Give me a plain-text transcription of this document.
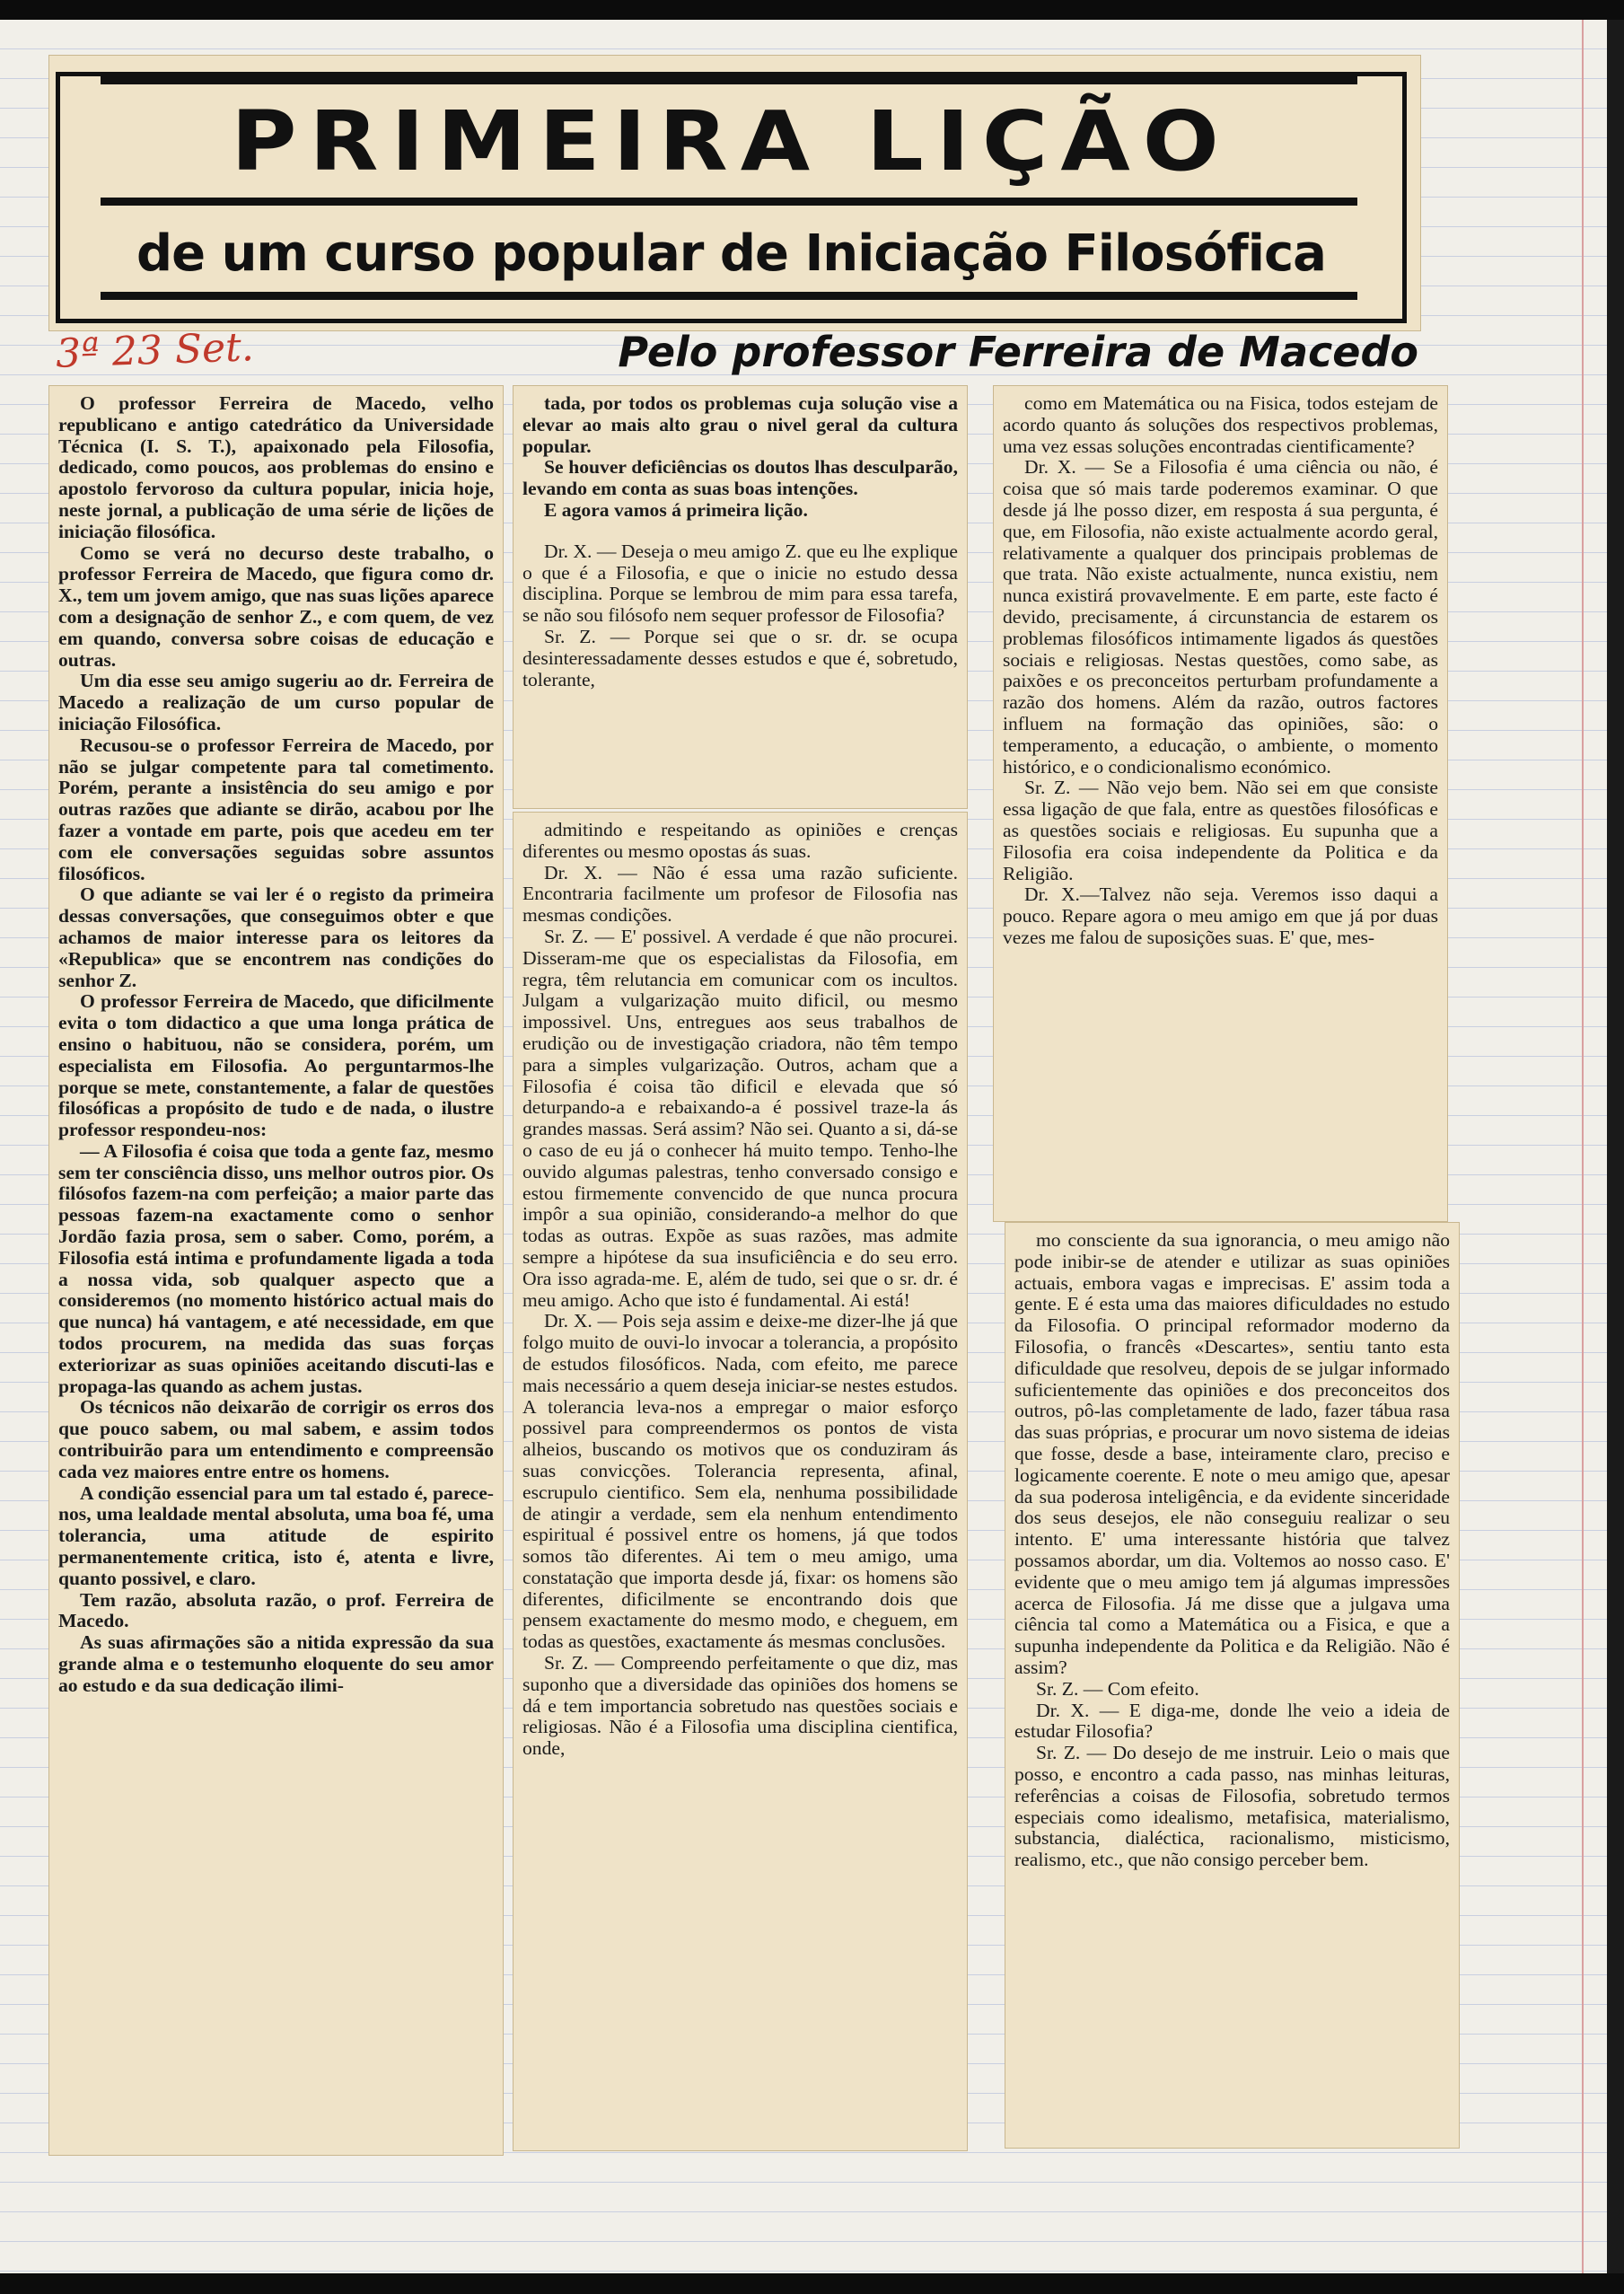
PRIMEIRA LIÇÃO
de um curso popular de Iniciação Filosófica
3ª 23 Set.	Pelo professor Ferreira de Macedo

O professor Ferreira de Macedo, velho republicano e antigo catedrático da Universidade Técnica (I. S. T.), apaixonado pela Filosofia, dedicado, como poucos, aos problemas do ensino e apostolo fervoroso da cultura popular, inicia hoje, neste jornal, a publicação de uma série de lições de iniciação filosófica.

Como se verá no decurso deste trabalho, o professor Ferreira de Macedo, que figura como dr. X., tem um jovem amigo, que nas suas lições aparece com a designação de senhor Z., e com quem, de vez em quando, conversa sobre coisas de educação e outras.

Um dia esse seu amigo sugeriu ao dr. Ferreira de Macedo a realização de um curso popular de iniciação Filosófica.

Recusou-se o professor Ferreira de Macedo, por não se julgar competente para tal cometimento. Porém, perante a insistência do seu amigo e por outras razões que adiante se dirão, acabou por lhe fazer a vontade em parte, pois que acedeu em ter com ele conversações seguidas sobre assuntos filosóficos.

O que adiante se vai ler é o registo da primeira dessas conversações, que conseguimos obter e que achamos de maior interesse para os leitores da «Republica» que se encontrem nas condições do senhor Z.

O professor Ferreira de Macedo, que dificilmente evita o tom didactico a que uma longa prática de ensino o habituou, não se considera, porém, um especialista em Filosofia. Ao perguntarmos-lhe porque se mete, constantemente, a falar de questões filosóficas a propósito de tudo e de nada, o ilustre professor respondeu-nos:

— A Filosofia é coisa que toda a gente faz, mesmo sem ter consciência disso, uns melhor outros pior. Os filósofos fazem-na com perfeição; a maior parte das pessoas fazem-na exactamente como o senhor Jordão fazia prosa, sem o saber. Como, porém, a Filosofia está intima e profundamente ligada a toda a nossa vida, sob qualquer aspecto que a consideremos (no momento histórico actual mais do que nunca) há vantagem, e até necessidade, em que todos procurem, na medida das suas forças exteriorizar as suas opiniões aceitando discuti-las e propaga-las quando as achem justas.

Os técnicos não deixarão de corrigir os erros dos que pouco sabem, ou mal sabem, e assim todos contribuirão para um entendimento e compreensão cada vez maiores entre entre os homens.

A condição essencial para um tal estado é, parece-nos, uma lealdade mental absoluta, uma boa fé, uma tolerancia, uma atitude de espirito permanentemente critica, isto é, atenta e livre, quanto possivel, e claro.

Tem razão, absoluta razão, o prof. Ferreira de Macedo.

As suas afirmações são a nitida expressão da sua grande alma e o testemunho eloquente do seu amor ao estudo e da sua dedicação ilimi-

tada, por todos os problemas cuja solução vise a elevar ao mais alto grau o nivel geral da cultura popular.

Se houver deficiências os doutos lhas desculparão, levando em conta as suas boas intenções.

E agora vamos á primeira lição.

Dr. X. — Deseja o meu amigo Z. que eu lhe explique o que é a Filosofia, e que o inicie no estudo dessa disciplina. Porque se lembrou de mim para essa tarefa, se não sou filósofo nem sequer professor de Filosofia?

Sr. Z. — Porque sei que o sr. dr. se ocupa desinteressadamente desses estudos e que é, sobretudo, tolerante,

admitindo e respeitando as opiniões e crenças diferentes ou mesmo opostas ás suas.

Dr. X. — Não é essa uma razão suficiente. Encontraria facilmente um profesor de Filosofia nas mesmas condições.

Sr. Z. — E' possivel. A verdade é que não procurei. Disseram-me que os especialistas da Filosofia, em regra, têm relutancia em comunicar com os incultos. Julgam a vulgarização muito dificil, ou mesmo impossivel. Uns, entregues aos seus trabalhos de erudição ou de investigação criadora, não têm tempo para a simples vulgarização. Outros, acham que a Filosofia é coisa tão dificil e elevada que só deturpando-a e rebaixando-a é possivel traze-la ás grandes massas. Será assim? Não sei. Quanto a si, dá-se o caso de eu já o conhecer há muito tempo. Tenho-lhe ouvido algumas palestras, tenho conversado consigo e estou firmemente convencido de que nunca procura impôr a sua opinião, considerando-a melhor do que todas as outras. Expõe as suas razões, mas admite sempre a hipótese da sua insuficiência e do seu erro. Ora isso agrada-me. E, além de tudo, sei que o sr. dr. é meu amigo. Acho que isto é fundamental. Ai está!

Dr. X. — Pois seja assim e deixe-me dizer-lhe já que folgo muito de ouvi-lo invocar a tolerancia, a propósito de estudos filosóficos. Nada, com efeito, me parece mais necessário a quem deseja iniciar-se nestes estudos. A tolerancia leva-nos a empregar o maior esforço possivel para compreendermos os pontos de vista alheios, buscando os motivos que os conduziram ás suas convicções. Tolerancia representa, afinal, escrupulo cientifico. Sem ela, nenhuma possibilidade de atingir a verdade, sem ela nenhum entendimento espiritual é possivel entre os homens, já que todos somos tão diferentes. Ai tem o meu amigo, uma constatação que importa desde já, fixar: os homens são diferentes, dificilmente se encontrando dois que pensem exactamente do mesmo modo, e cheguem, em todas as questões, exactamente ás mesmas conclusões.

Sr. Z. — Compreendo perfeitamente o que diz, mas suponho que a diversidade das opiniões dos homens se dá e tem importancia sobretudo nas questões sociais e religiosas. Não é a Filosofia uma disciplina cientifica, onde,

como em Matemática ou na Fisica, todos estejam de acordo quanto ás soluções dos respectivos problemas, uma vez essas soluções encontradas cientificamente?

Dr. X. — Se a Filosofia é uma ciência ou não, é coisa que só mais tarde poderemos examinar. O que desde já lhe posso dizer, em resposta á sua pergunta, é que, em Filosofia, não existe actualmente acordo geral, relativamente a qualquer dos principais problemas de que trata. Não existe actualmente, nunca existiu, nem nunca existirá provavelmente. E em parte, este facto é devido, precisamente, á circunstancia de estarem os problemas filosóficos intimamente ligados ás questões sociais e religiosas. Nestas questões, como sabe, as paixões e os preconceitos perturbam profundamente a razão dos homens. Além da razão, outros factores influem na formação das opiniões, são: o temperamento, a educação, o ambiente, o momento histórico, e o condicionalismo económico.

Sr. Z. — Não vejo bem. Não sei em que consiste essa ligação de que fala, entre as questões filosóficas e as questões sociais e religiosas. Eu supunha que a Filosofia era coisa independente da Politica e da Religião.

Dr. X.—Talvez não seja. Veremos isso daqui a pouco. Repare agora o meu amigo em que já por duas vezes me falou de suposições suas. E' que, mes-

mo consciente da sua ignorancia, o meu amigo não pode inibir-se de atender e utilizar as suas opiniões actuais, embora vagas e imprecisas. E' assim toda a gente. E é esta uma das maiores dificuldades no estudo da Filosofia. O principal reformador moderno da Filosofia, o francês «Descartes», sentiu tanto esta dificuldade que resolveu, depois de se julgar informado suficientemente das opiniões e dos preconceitos dos outros, pô-las completamente de lado, fazer tábua rasa das suas próprias, e procurar um novo sistema de ideias que fosse, desde a base, inteiramente claro, preciso e logicamente coerente. E note o meu amigo que, apesar da sua poderosa inteligência, e da evidente sinceridade dos seus desejos, ele não conseguiu realizar o seu intento. E' uma interessante história que talvez possamos abordar, um dia. Voltemos ao nosso caso. E' evidente que o meu amigo tem já algumas impressões acerca de Filosofia. Já me disse que a julgava uma ciência tal como a Matemática ou a Fisica, e que a supunha independente da Politica e da Religião. Não é assim?

Sr. Z. — Com efeito.

Dr. X. — E diga-me, donde lhe veio a ideia de estudar Filosofia?

Sr. Z. — Do desejo de me instruir. Leio o mais que posso, e encontro a cada passo, nas minhas leituras, referências a coisas de Filosofia, sobretudo termos especiais como idealismo, metafisica, materialismo, substancia, dialéctica, racionalismo, misticismo, realismo, etc., que não consigo perceber bem.
